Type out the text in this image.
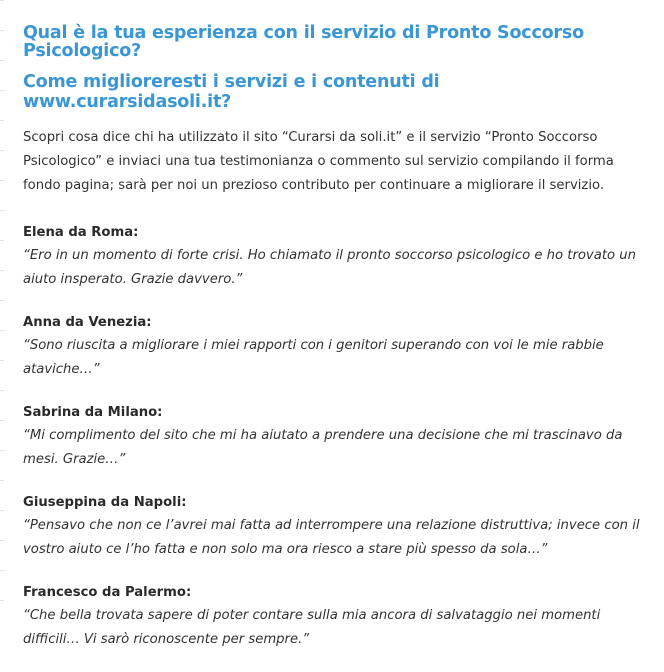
Qual è la tua esperienza con il servizio di Pronto Soccorso Psicologico?
Come miglioreresti i servizi e i contenuti di www.curarsidasoli.it?

Scopri cosa dice chi ha utilizzato il sito “Curarsi da soli.it” e il servizio “Pronto Soccorso Psicologico” e inviaci una tua testimonianza o commento sul servizio compilando il forma fondo pagina; sarà per noi un prezioso contributo per continuare a migliorare il servizio.

Elena da Roma:
“Ero in un momento di forte crisi. Ho chiamato il pronto soccorso psicologico e ho trovato un aiuto insperato. Grazie davvero.”
Anna da Venezia:
“Sono riuscita a migliorare i miei rapporti con i genitori superando con voi le mie rabbie ataviche…”
Sabrina da Milano:
“Mi complimento del sito che mi ha aiutato a prendere una decisione che mi trascinavo da mesi. Grazie…”
Giuseppina da Napoli:
“Pensavo che non ce l’avrei mai fatta ad interrompere una relazione distruttiva; invece con il vostro aiuto ce l’ho fatta e non solo ma ora riesco a stare più spesso da sola…”
Francesco da Palermo:
“Che bella trovata sapere di poter contare sulla mia ancora di salvataggio nei momenti difficili… Vi sarò riconoscente per sempre.”
